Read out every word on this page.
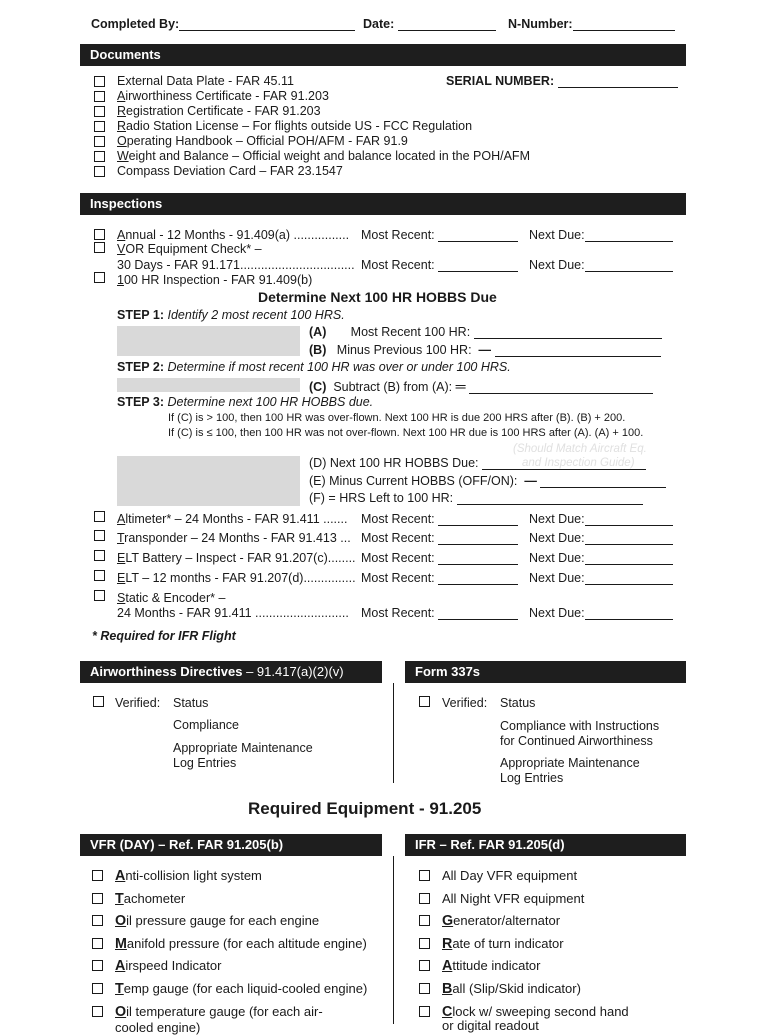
Completed By:	Date:	N-Number:
Documents
SERIAL NUMBER:
External Data Plate - FAR 45.11
Airworthiness Certificate - FAR 91.203
Registration Certificate - FAR 91.203
Radio Station License – For flights outside US - FCC Regulation
Operating Handbook – Official POH/AFM - FAR 91.9
Weight and Balance – Official weight and balance located in the POH/AFM
Compass Deviation Card – FAR 23.1547
Inspections
Annual - 12 Months - 91.409(a) ................ Most Recent:	Next Due:
VOR Equipment Check* –
30 Days - FAR 91.171................................. Most Recent:	Next Due:
100 HR Inspection - FAR 91.409(b)
Determine Next 100 HR HOBBS Due
STEP 1: Identify 2 most recent 100 HRS.
(A) Most Recent 100 HR:
(B) Minus Previous 100 HR: —
STEP 2: Determine if most recent 100 HR was over or under 100 HRS.
(C) Subtract (B) from (A): ═
STEP 3: Determine next 100 HR HOBBS due.
If (C) is > 100, then 100 HR was over-flown. Next 100 HR is due 200 HRS after (B). (B) + 200.
If (C) is ≤ 100, then 100 HR was not over-flown. Next 100 HR due is 100 HRS after (A). (A) + 100.
(Should Match Aircraft Eq.
and Inspection Guide)
(D) Next 100 HR HOBBS Due:
(E) Minus Current HOBBS (OFF/ON): —
(F) = HRS Left to 100 HR:
Altimeter* – 24 Months - FAR 91.411 ....... Most Recent:	Next Due:
Transponder – 24 Months - FAR 91.413 ... Most Recent:	Next Due:
ELT Battery – Inspect - FAR 91.207(c)........ Most Recent:	Next Due:
ELT – 12 months - FAR 91.207(d)............... Most Recent:	Next Due:
Static & Encoder* –
24 Months - FAR 91.411 ........................... Most Recent:	Next Due:
* Required for IFR Flight
Airworthiness Directives – 91.417(a)(2)(v)	Form 337s
Verified: Status
Compliance
Appropriate Maintenance
Log Entries
Verified: Status
Compliance with Instructions
for Continued Airworthiness
Appropriate Maintenance
Log Entries
Required Equipment - 91.205
VFR (DAY) – Ref. FAR 91.205(b)	IFR – Ref. FAR 91.205(d)
Anti-collision light system
Tachometer
Oil pressure gauge for each engine
Manifold pressure (for each altitude engine)
Airspeed Indicator
Temp gauge (for each liquid-cooled engine)
Oil temperature gauge (for each air-
cooled engine)
All Day VFR equipment
All Night VFR equipment
Generator/alternator
Rate of turn indicator
Attitude indicator
Ball (Slip/Skid indicator)
Clock w/ sweeping second hand
or digital readout
